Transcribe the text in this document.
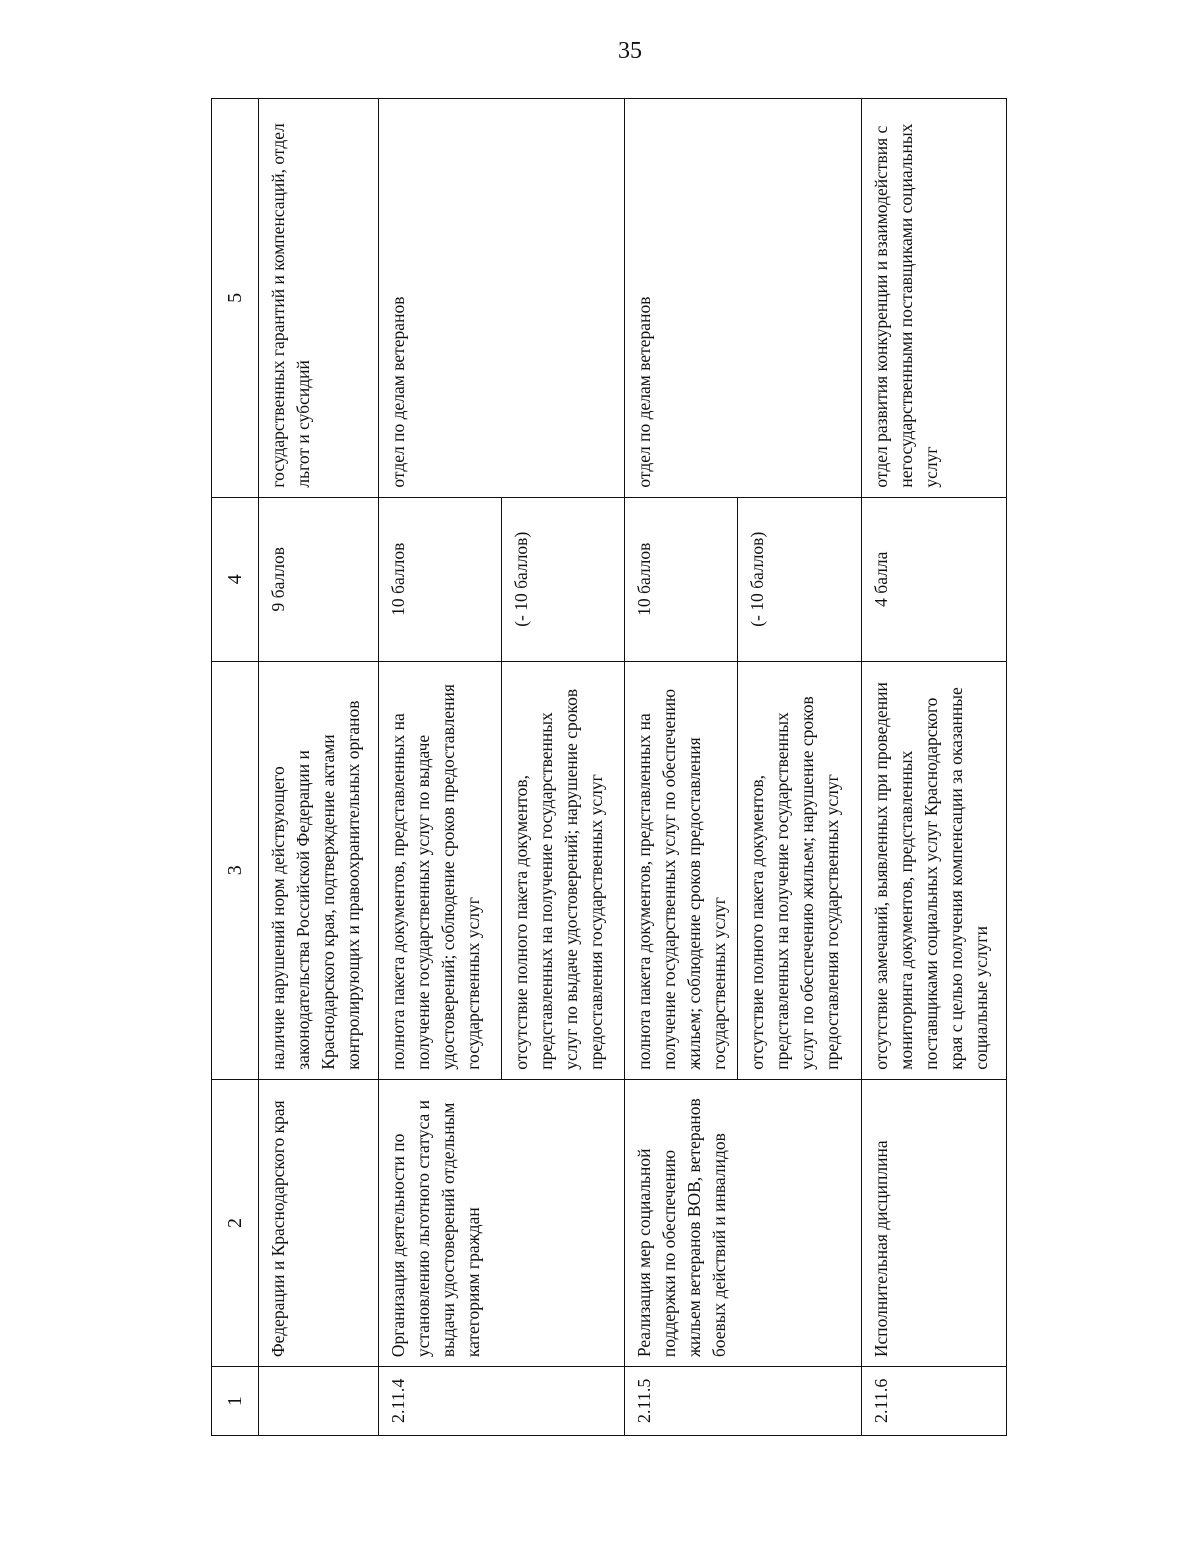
35
1	2	3	4	5
	Федерации и Краснодарского края	наличие нарушений норм действующего законодательства Российской Федерации и Краснодарского края, подтверждение актами контролирующих и правоохранительных органов	9 баллов	государственных гарантий и компенсаций, отдел льгот и субсидий
2.11.4	Организация деятельности по установлению льготного статуса и выдачи удостоверений отдельным категориям граждан	полнота пакета документов, представленных на получение государственных услуг по выдаче удостоверений; соблюдение сроков предоставления государственных услуг	10 баллов	отдел по делам ветеранов
		отсутствие полного пакета документов, представленных на получение государственных услуг по выдаче удостоверений; нарушение сроков предоставления государственных услуг	(- 10 баллов)	
2.11.5	Реализация мер социальной поддержки по обеспечению жильем ветеранов ВОВ, ветеранов боевых действий и инвалидов	полнота пакета документов, представленных на получение государственных услуг по обеспечению жильем; соблюдение сроков предоставления государственных услуг	10 баллов	отдел по делам ветеранов
		отсутствие полного пакета документов, представленных на получение государственных услуг по обеспечению жильем; нарушение сроков предоставления государственных услуг	(- 10 баллов)	
2.11.6	Исполнительная дисциплина	отсутствие замечаний, выявленных при проведении мониторинга документов, представленных поставщиками социальных услуг Краснодарского края с целью получения компенсации за оказанные социальные услуги	4 балла	отдел развития конкуренции и взаимодействия с негосударственными поставщиками социальных услуг
